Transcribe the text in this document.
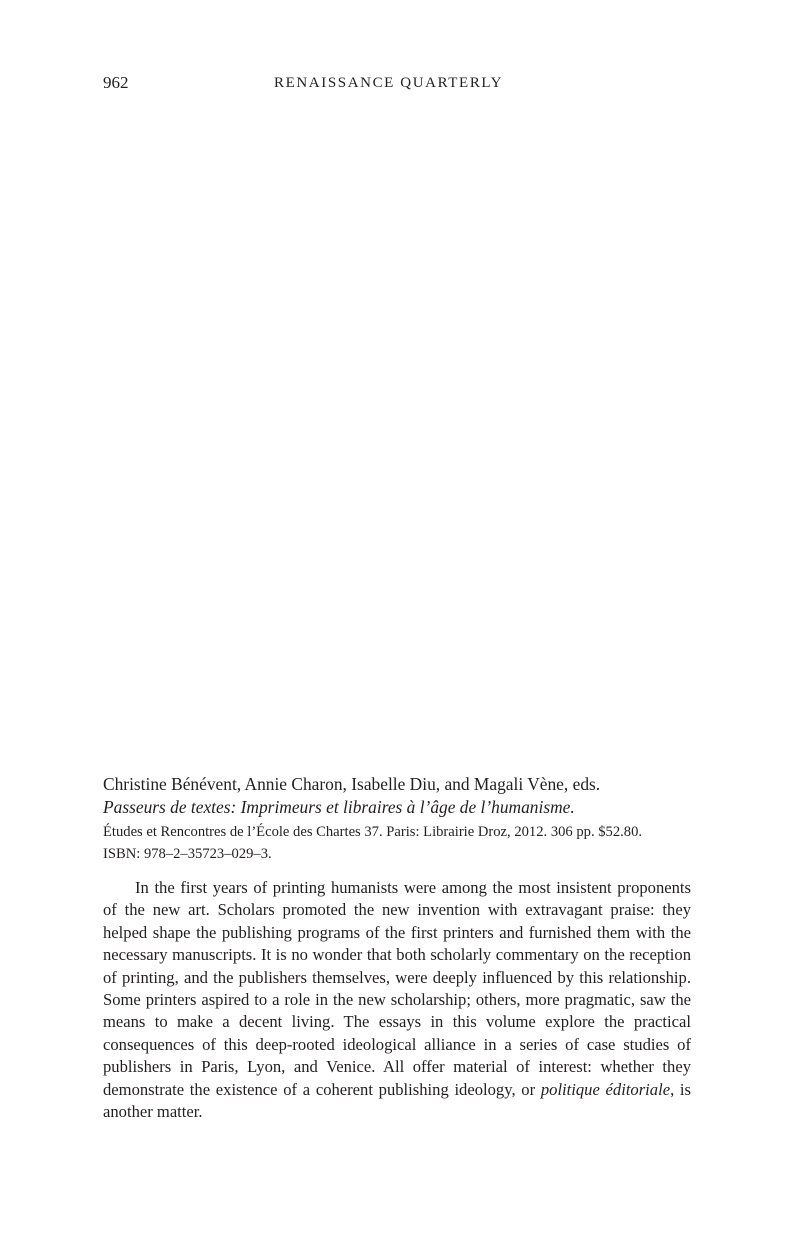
962	RENAISSANCE QUARTERLY
Christine Bénévent, Annie Charon, Isabelle Diu, and Magali Vène, eds.
Passeurs de textes: Imprimeurs et libraires à l’âge de l’humanisme.
Études et Rencontres de l’École des Chartes 37. Paris: Librairie Droz, 2012. 306 pp. $52.80.
ISBN: 978–2–35723–029–3.

In the first years of printing humanists were among the most insistent proponents of the new art. Scholars promoted the new invention with extravagant praise: they helped shape the publishing programs of the first printers and furnished them with the necessary manuscripts. It is no wonder that both scholarly commentary on the reception of printing, and the publishers themselves, were deeply influenced by this relationship. Some printers aspired to a role in the new scholarship; others, more pragmatic, saw the means to make a decent living. The essays in this volume explore the practical consequences of this deep-rooted ideological alliance in a series of case studies of publishers in Paris, Lyon, and Venice. All offer material of interest: whether they demonstrate the existence of a coherent publishing ideology, or politique éditoriale, is another matter.
